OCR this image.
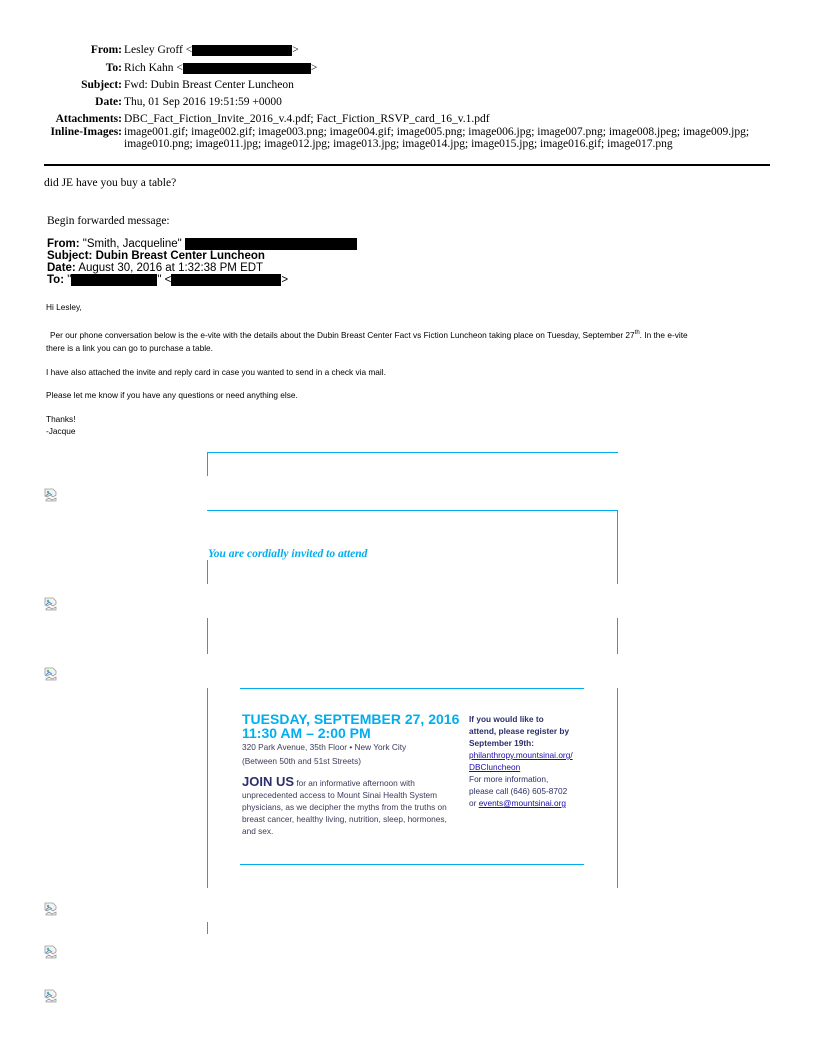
From: Lesley Groff <	>
To: Rich Kahn <	>
Subject: Fwd: Dubin Breast Center Luncheon
Date: Thu, 01 Sep 2016 19:51:59 +0000
Attachments: DBC_Fact_Fiction_Invite_2016_v.4.pdf; Fact_Fiction_RSVP_card_16_v.1.pdf
Inline-Images: image001.gif; image002.gif; image003.png; image004.gif; image005.png; image006.jpg; image007.png; image008.jpeg; image009.jpg;
image010.png; image011.jpg; image012.jpg; image013.jpg; image014.jpg; image015.jpg; image016.gif; image017.png
did JE have you buy a table?
Begin forwarded message:
From: "Smith, Jacqueline"
Subject: Dubin Breast Center Luncheon
Date: August 30, 2016 at 1:32:38 PM EDT
To: "	" <	>
Hi Lesley,
Per our phone conversation below is the e-vite with the details about the Dubin Breast Center Fact vs Fiction Luncheon taking place on Tuesday, September 27th. In the e-vite
there is a link you can go to purchase a table.
I have also attached the invite and reply card in case you wanted to send in a check via mail.
Please let me know if you have any questions or need anything else.
Thanks!
-Jacque
You are cordially invited to attend
TUESDAY, SEPTEMBER 27, 2016
11:30 AM – 2:00 PM
320 Park Avenue, 35th Floor • New York City
(Between 50th and 51st Streets)
JOIN US for an informative afternoon with unprecedented access to Mount Sinai Health System physicians, as we decipher the myths from the truths on breast cancer, healthy living, nutrition, sleep, hormones, and sex.
If you would like to
attend, please register by
September 19th:
philanthropy.mountsinai.org/
DBCluncheon
For more information,
please call (646) 605-8702
or events@mountsinai.org
